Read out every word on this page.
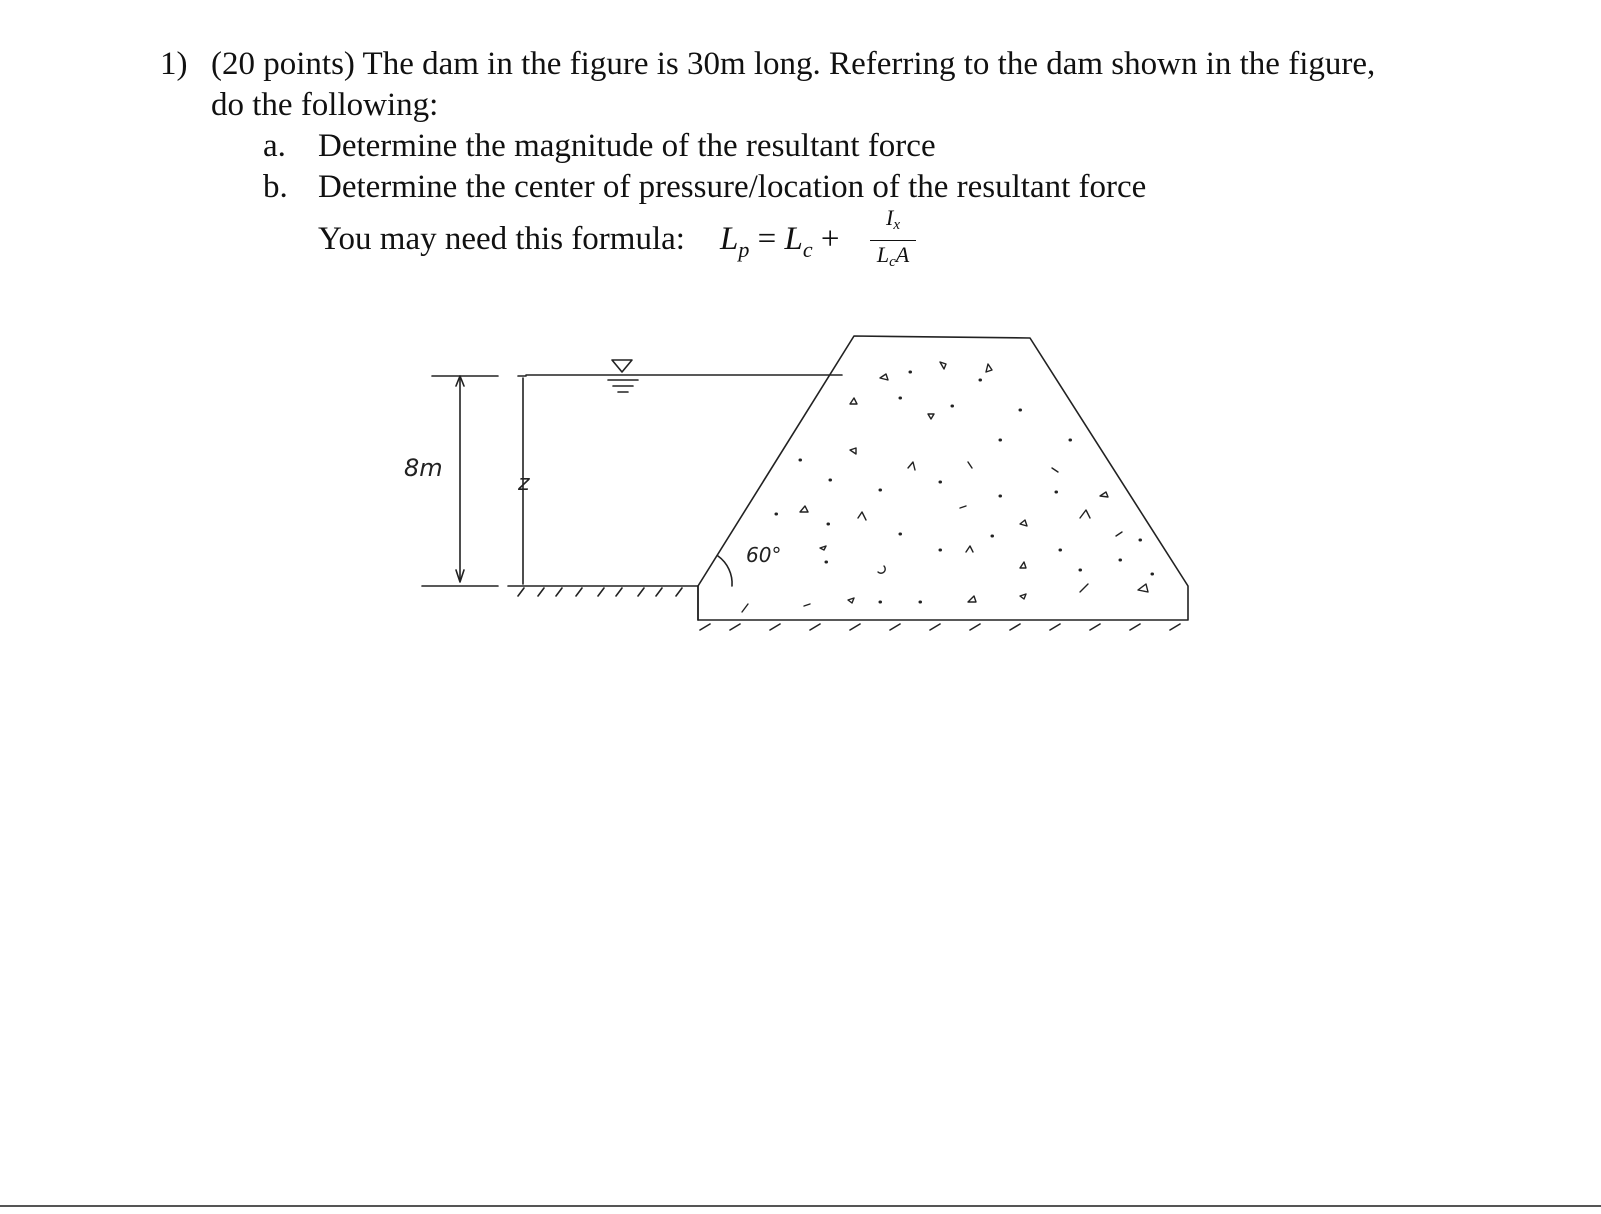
1) (20 points) The dam in the figure is 30m long. Referring to the dam shown in the figure,
do the following:
a. Determine the magnitude of the resultant force
b. Determine the center of pressure/location of the resultant force
You may need this formula: $L_p = L_c$ +
Ix
LcA
8m
z
60°
